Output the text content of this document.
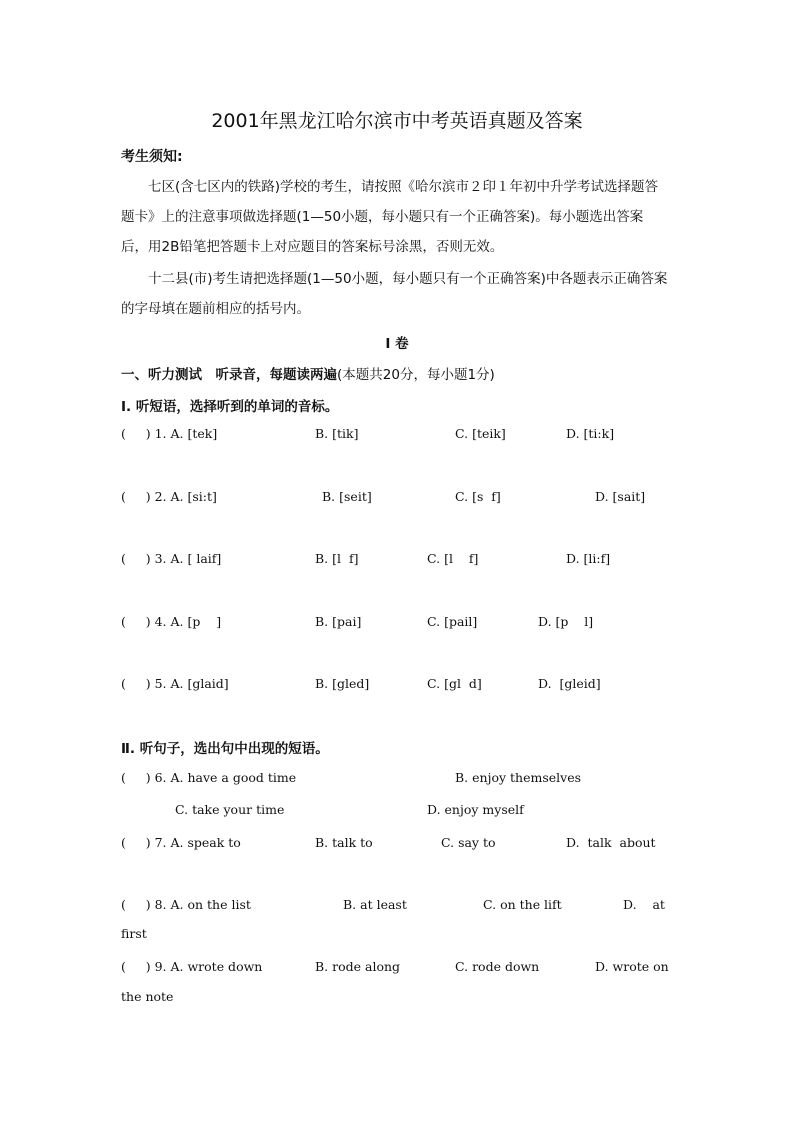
2001年黑龙江哈尔滨市中考英语真题及答案
考生须知:
七区(含七区内的铁路)学校的考生，请按照《哈尔滨市２印１年初中升学考试选择题答题卡》上的注意事项做选择题(1—50小题，每小题只有一个正确答案)。每小题选出答案后，用2B铅笔把答题卡上对应题目的答案标号涂黑，否则无效。
十二县(市)考生请把选择题(1—50小题，每小题只有一个正确答案)中各题表示正确答案的字母填在题前相应的括号内。
I 卷
一、听力测试　听录音，每题读两遍(本题共20分，每小题1分)
I. 听短语，选择听到的单词的音标。
(     ) 1. A. [tek]	B. [tik]	C. [teik]	D. [ti:k]
(     ) 2. A. [si:t]	B. [seit]	C. [s  f]	D. [sait]
(     ) 3. A. [ laif]	B. [l  f]	C. [l    f]	D. [li:f]
(     ) 4. A. [p    ]	B. [pai]	C. [pail]	D. [p    l]
(     ) 5. A. [glaid]	B. [gled]	C. [gl  d]	D.  [gleid]
Ⅱ. 听句子，选出句中出现的短语。
(     ) 6. A. have a good time	B. enjoy themselves
C. take your time	D. enjoy myself
(     ) 7. A. speak to	B. talk to	C. say to	D.  talk  about
(     ) 8. A. on the list	B. at least	C. on the lift	D.    at
first
(     ) 9. A. wrote down	B. rode along	C. rode down	D. wrote on
the note
